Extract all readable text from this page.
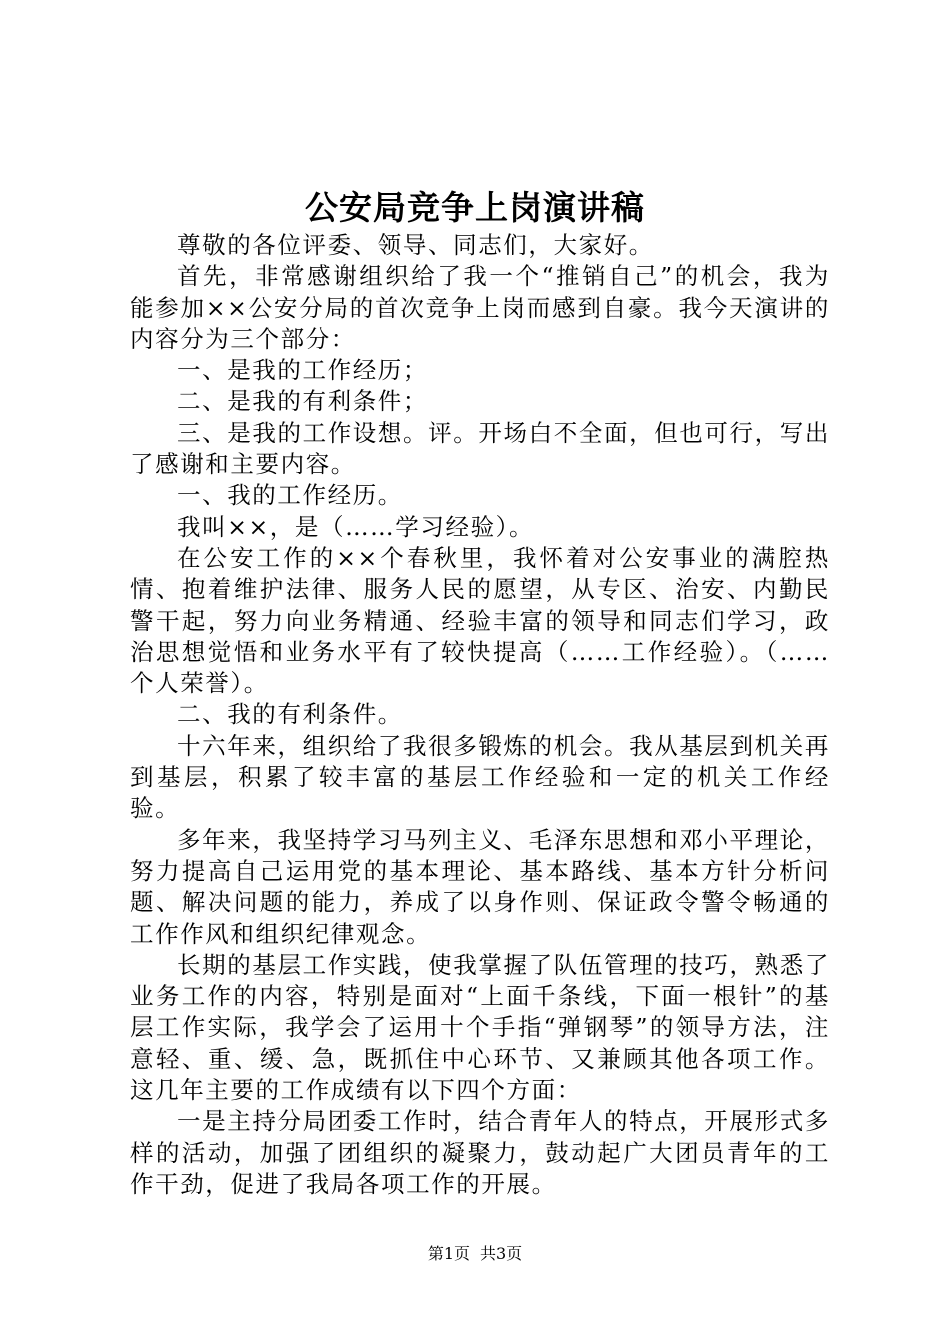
公安局竞争上岗演讲稿

尊敬的各位评委、领导、同志们，大家好。

首先，非常感谢组织给了我一个“推销自己”的机会，我为能参加××公安分局的首次竞争上岗而感到自豪。我今天演讲的内容分为三个部分：

一、是我的工作经历；

二、是我的有利条件；

三、是我的工作设想。评。开场白不全面，但也可行，写出了感谢和主要内容。

一、我的工作经历。

我叫××，是（……学习经验）。

在公安工作的××个春秋里，我怀着对公安事业的满腔热情、抱着维护法律、服务人民的愿望，从专区、治安、内勤民警干起，努力向业务精通、经验丰富的领导和同志们学习，政治思想觉悟和业务水平有了较快提高（……工作经验）。（……个人荣誉）。

二、我的有利条件。

十六年来，组织给了我很多锻炼的机会。我从基层到机关再到基层，积累了较丰富的基层工作经验和一定的机关工作经验。

多年来，我坚持学习马列主义、毛泽东思想和邓小平理论，努力提高自己运用党的基本理论、基本路线、基本方针分析问题、解决问题的能力，养成了以身作则、保证政令警令畅通的工作作风和组织纪律观念。

长期的基层工作实践，使我掌握了队伍管理的技巧，熟悉了业务工作的内容，特别是面对“上面千条线，下面一根针”的基层工作实际，我学会了运用十个手指“弹钢琴”的领导方法，注意轻、重、缓、急，既抓住中心环节、又兼顾其他各项工作。这几年主要的工作成绩有以下四个方面：

一是主持分局团委工作时，结合青年人的特点，开展形式多样的活动，加强了团组织的凝聚力，鼓动起广大团员青年的工作干劲，促进了我局各项工作的开展。

第1页 共3页
